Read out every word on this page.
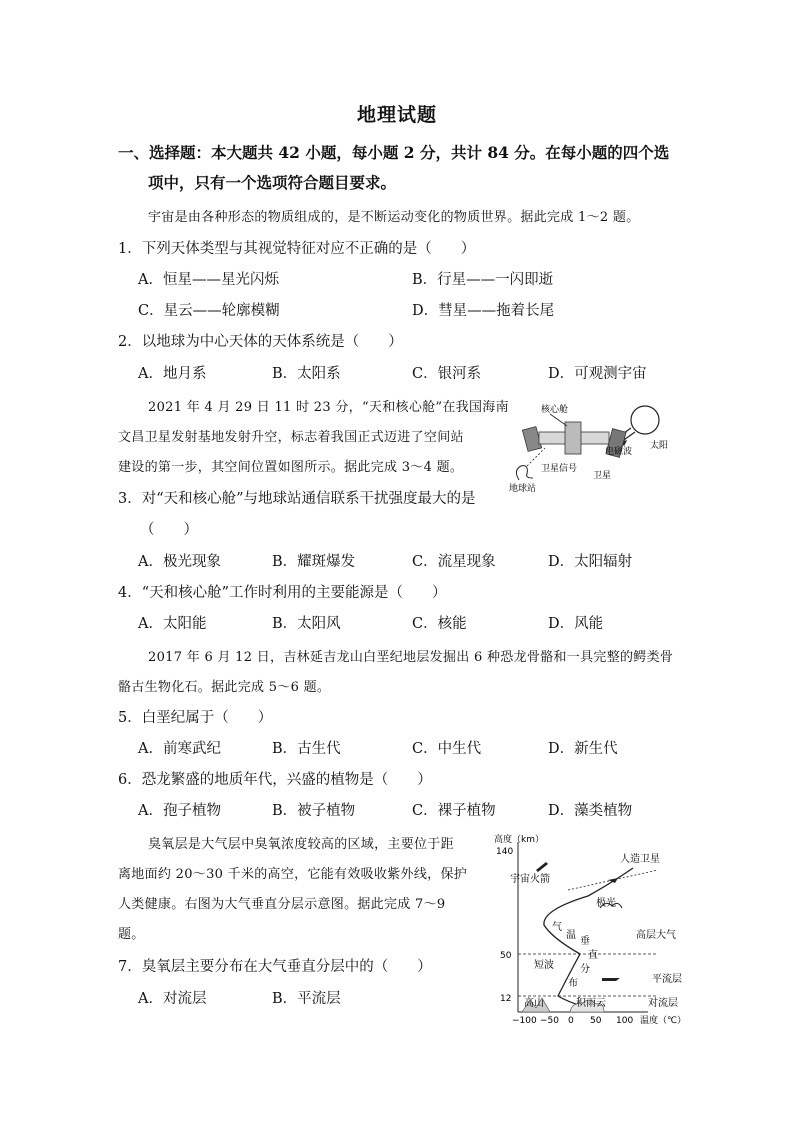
地理试题
一、选择题：本大题共 42 小题，每小题 2 分，共计 84 分。在每小题的四个选
项中，只有一个选项符合题目要求。
宇宙是由各种形态的物质组成的，是不断运动变化的物质世界。据此完成 1～2 题。
1．下列天体类型与其视觉特征对应不正确的是（　　）
A．恒星——星光闪烁	B．行星——一闪即逝
C．星云——轮廓模糊	D．彗星——拖着长尾
2．以地球为中心天体的天体系统是（　　）
A．地月系	B．太阳系	C．银河系	D．可观测宇宙
2021 年 4 月 29 日 11 时 23 分，“天和核心舱”在我国海南
文昌卫星发射基地发射升空，标志着我国正式迈进了空间站
建设的第一步，其空间位置如图所示。据此完成 3～4 题。
核心舱
太阳
电磁波
卫星信号
卫星
地球站
3．对“天和核心舱”与地球站通信联系干扰强度最大的是
（　　）
A．极光现象	B．耀斑爆发	C．流星现象	D．太阳辐射
4．“天和核心舱”工作时利用的主要能源是（　　）
A．太阳能	B．太阳风	C．核能	D．风能
2017 年 6 月 12 日，吉林延吉龙山白垩纪地层发掘出 6 种恐龙骨骼和一具完整的鳄类骨
骼古生物化石。据此完成 5～6 题。
5．白垩纪属于（　　）
A．前寒武纪	B．古生代	C．中生代	D．新生代
6．恐龙繁盛的地质年代，兴盛的植物是（　　）
A．孢子植物	B．被子植物	C．裸子植物	D．藻类植物
臭氧层是大气层中臭氧浓度较高的区域，主要位于距
离地面约 20～30 千米的高空，它能有效吸收紫外线，保护
人类健康。右图为大气垂直分层示意图。据此完成 7～9
题。
7．臭氧层主要分布在大气垂直分层中的（　　）
A．对流层	B．平流层
高度（km）
140
50
12
−100 −50 0 50 100 温度（℃）
宇宙火箭
人造卫星
极光
高层大气
平流层
对流层
短波
高山	积雨云
气
温
垂
直
分
布
